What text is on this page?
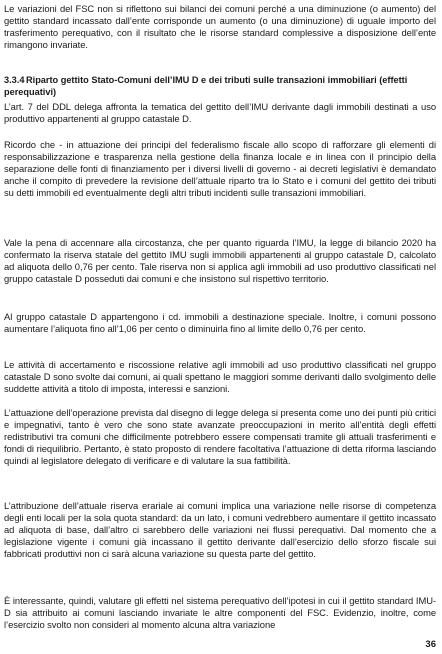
Le variazioni del FSC non si riflettono sui bilanci dei comuni perché a una diminuzione (o aumento) del gettito standard incassato dall’ente corrisponde un aumento (o una diminuzione) di uguale importo del trasferimento perequativo, con il risultato che le risorse standard complessive a disposizione dell’ente rimangono invariate.

3.3.4 Riparto gettito Stato-Comuni dell’IMU D e dei tributi sulle transazioni immobiliari (effetti perequativi)

L’art. 7 del DDL delega affronta la tematica del gettito dell’IMU derivante dagli immobili destinati a uso produttivo appartenenti al gruppo catastale D.

Ricordo che - in attuazione dei principi del federalismo fiscale allo scopo di rafforzare gli elementi di responsabilizzazione e trasparenza nella gestione della finanza locale e in linea con il principio della separazione delle fonti di finanziamento per i diversi livelli di governo - ai decreti legislativi è demandato anche il compito di prevedere la revisione dell’attuale riparto tra lo Stato e i comuni del gettito dei tributi su detti immobili ed eventualmente degli altri tributi incidenti sulle transazioni immobiliari.

Vale la pena di accennare alla circostanza, che per quanto riguarda l’IMU, la legge di bilancio 2020 ha confermato la riserva statale del gettito IMU sugli immobili appartenenti al gruppo catastale D, calcolato ad aliquota dello 0,76 per cento. Tale riserva non si applica agli immobili ad uso produttivo classificati nel gruppo catastale D posseduti dai comuni e che insistono sul rispettivo territorio.

Al gruppo catastale D appartengono i cd. immobili a destinazione speciale. Inoltre, i comuni possono aumentare l’aliquota fino all’1,06 per cento o diminuirla fino al limite dello 0,76 per cento.

Le attività di accertamento e riscossione relative agli immobili ad uso produttivo classificati nel gruppo catastale D sono svolte dai comuni, ai quali spettano le maggiori somme derivanti dallo svolgimento delle suddette attività a titolo di imposta, interessi e sanzioni.

L’attuazione dell’operazione prevista dal disegno di legge delega si presenta come uno dei punti più critici e impegnativi, tanto è vero che sono state avanzate preoccupazioni in merito all’entità degli effetti redistributivi tra comuni che difficilmente potrebbero essere compensati tramite gli attuali trasferimenti e fondi di riequilibrio. Pertanto, è stato proposto di rendere facoltativa l’attuazione di detta riforma lasciando quindi al legislatore delegato di verificare e di valutare la sua fattibilità.

L’attribuzione dell’attuale riserva erariale ai comuni implica una variazione nelle risorse di competenza degli enti locali per la sola quota standard: da un lato, i comuni vedrebbero aumentare il gettito incassato ad aliquota di base, dall’altro ci sarebbero delle variazioni nei flussi perequativi. Dal momento che a legislazione vigente i comuni già incassano il gettito derivante dall’esercizio dello sforzo fiscale sui fabbricati produttivi non ci sarà alcuna variazione su questa parte del gettito.

È interessante, quindi, valutare gli effetti nel sistema perequativo dell’ipotesi in cui il gettito standard IMU-D sia attribuito ai comuni lasciando invariate le altre componenti del FSC. Evidenzio, inoltre, come l’esercizio svolto non consideri al momento alcuna altra variazione

36
